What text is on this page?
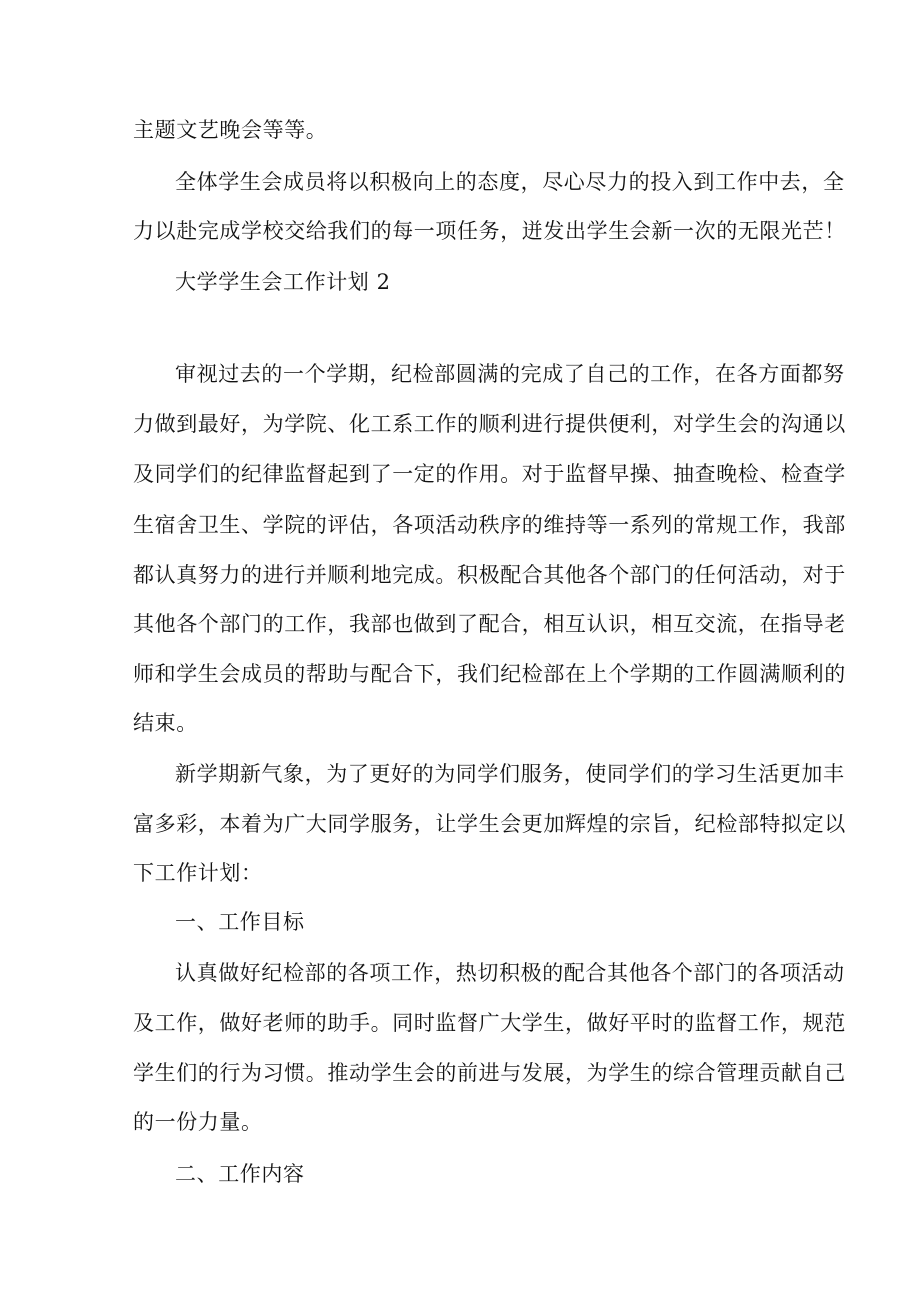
主题文艺晚会等等。
全体学生会成员将以积极向上的态度，尽心尽力的投入到工作中去，全
力以赴完成学校交给我们的每一项任务，迸发出学生会新一次的无限光芒！
大学学生会工作计划 2
审视过去的一个学期，纪检部圆满的完成了自己的工作，在各方面都努
力做到最好，为学院、化工系工作的顺利进行提供便利，对学生会的沟通以
及同学们的纪律监督起到了一定的作用。对于监督早操、抽查晚检、检查学
生宿舍卫生、学院的评估，各项活动秩序的维持等一系列的常规工作，我部
都认真努力的进行并顺利地完成。积极配合其他各个部门的任何活动，对于
其他各个部门的工作，我部也做到了配合，相互认识，相互交流，在指导老
师和学生会成员的帮助与配合下，我们纪检部在上个学期的工作圆满顺利的
结束。
新学期新气象，为了更好的为同学们服务，使同学们的学习生活更加丰
富多彩，本着为广大同学服务，让学生会更加辉煌的宗旨，纪检部特拟定以
下工作计划：
一、工作目标
认真做好纪检部的各项工作，热切积极的配合其他各个部门的各项活动
及工作，做好老师的助手。同时监督广大学生，做好平时的监督工作，规范
学生们的行为习惯。推动学生会的前进与发展，为学生的综合管理贡献自己
的一份力量。
二、工作内容
